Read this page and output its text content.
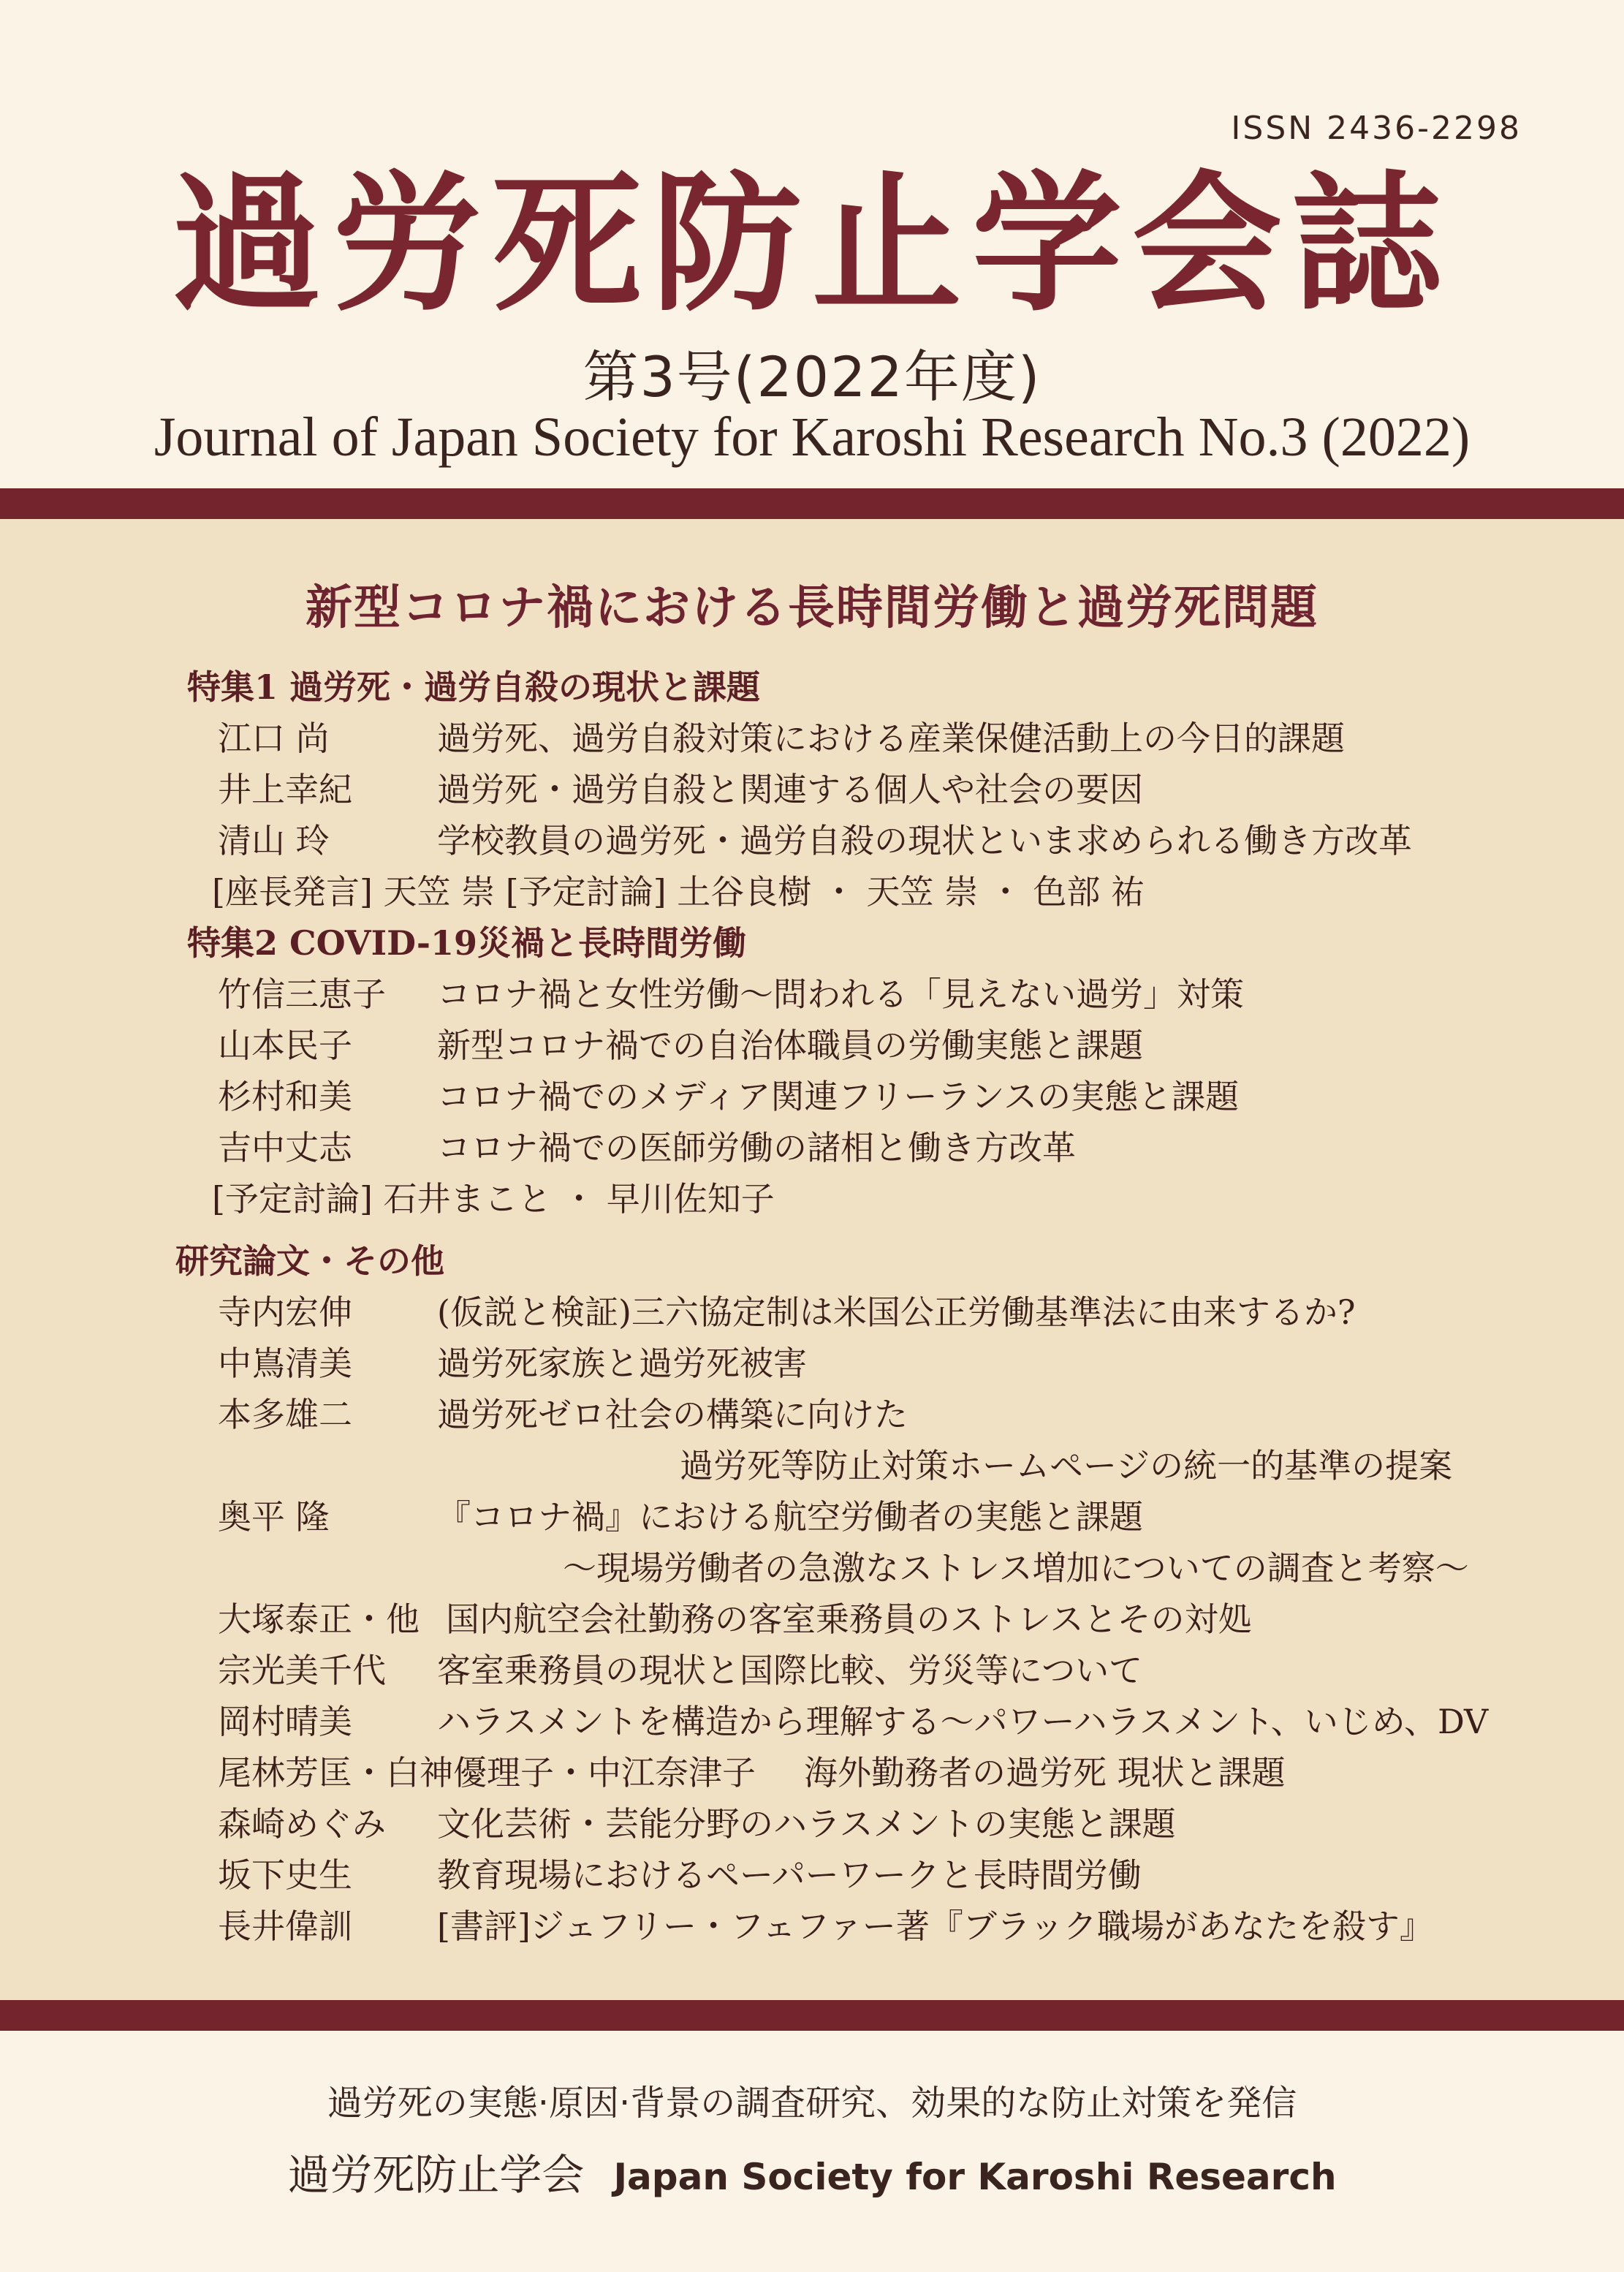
ISSN 2436-2298
過労死防止学会誌
第3号(2022年度)
Journal of Japan Society for Karoshi Research No.3 (2022)
新型コロナ禍における長時間労働と過労死問題
特集1 過労死・過労自殺の現状と課題
江口 尚	過労死、過労自殺対策における産業保健活動上の今日的課題
井上幸紀	過労死・過労自殺と関連する個人や社会の要因
清山 玲	学校教員の過労死・過労自殺の現状といま求められる働き方改革
[座長発言] 天笠 崇 [予定討論] 土谷良樹 ・ 天笠 崇 ・ 色部 祐
特集2 COVID-19災禍と長時間労働
竹信三恵子 コロナ禍と女性労働〜問われる「見えない過労」対策
山本民子	新型コロナ禍での自治体職員の労働実態と課題
杉村和美	コロナ禍でのメディア関連フリーランスの実態と課題
吉中丈志	コロナ禍での医師労働の諸相と働き方改革
[予定討論] 石井まこと ・ 早川佐知子
研究論文・その他
寺内宏伸	(仮説と検証)三六協定制は米国公正労働基準法に由来するか?
中嶌清美	過労死家族と過労死被害
本多雄二	過労死ゼロ社会の構築に向けた
過労死等防止対策ホームページの統一的基準の提案
奥平 隆	『コロナ禍』における航空労働者の実態と課題
〜現場労働者の急激なストレス増加についての調査と考察〜
大塚泰正・他 国内航空会社勤務の客室乗務員のストレスとその対処
宗光美千代 客室乗務員の現状と国際比較、労災等について
岡村晴美	ハラスメントを構造から理解する〜パワーハラスメント、いじめ、DV
尾林芳匡・白神優理子・中江奈津子 海外勤務者の過労死 現状と課題
森崎めぐみ 文化芸術・芸能分野のハラスメントの実態と課題
坂下史生	教育現場におけるペーパーワークと長時間労働
長井偉訓	[書評]ジェフリー・フェファー著『ブラック職場があなたを殺す』
過労死の実態·原因·背景の調査研究、効果的な防止対策を発信
過労死防止学会 Japan Society for Karoshi Research
